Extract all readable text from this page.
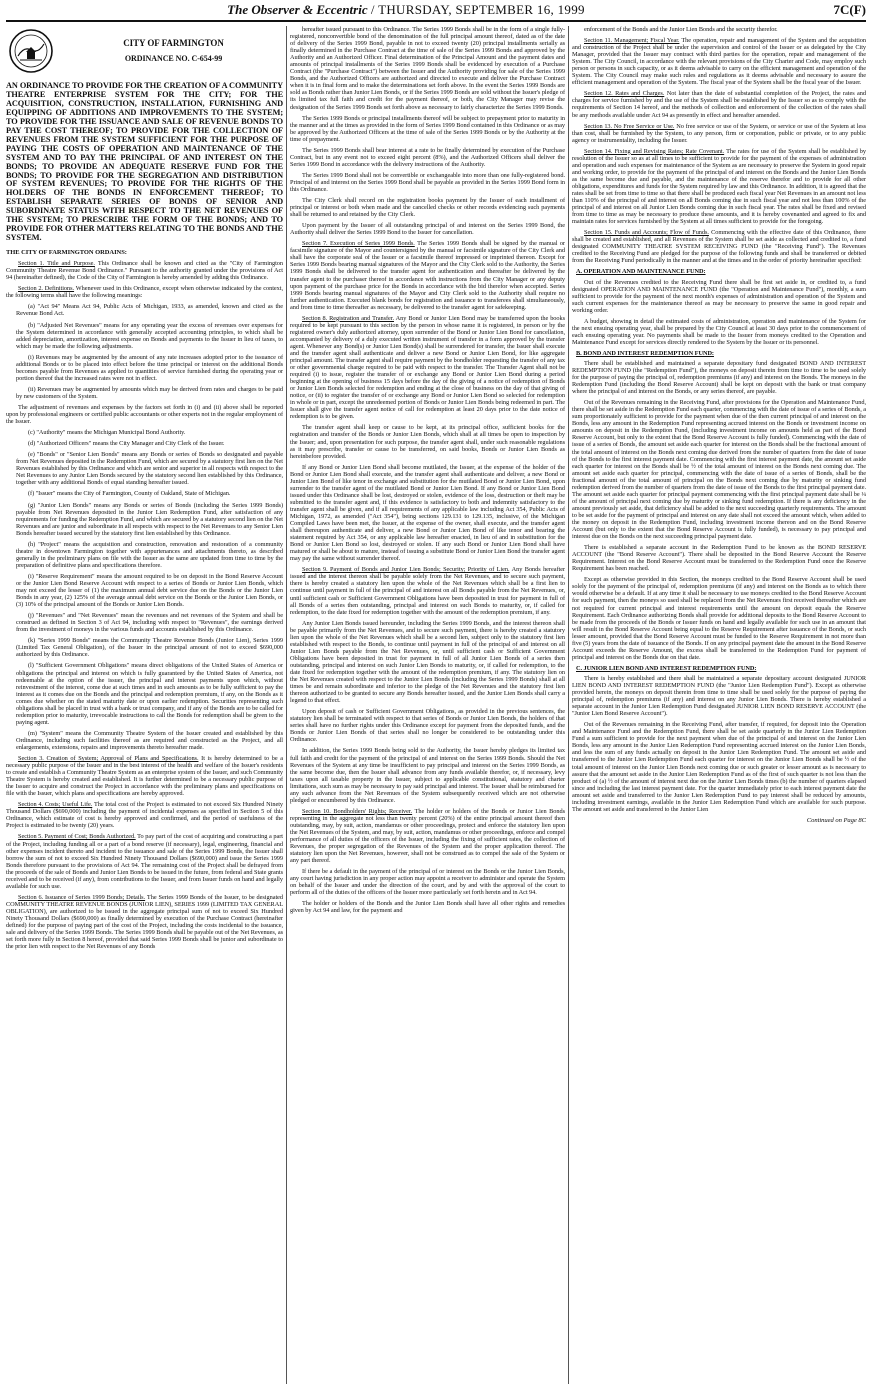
The Observer & Eccentric / THURSDAY, SEPTEMBER 16, 1999	7C(F)
CITY OF FARMINGTON
ORDINANCE NO. C-654-99
AN ORDINANCE TO PROVIDE FOR THE CREATION OF A COMMUNITY THEATRE ENTERPRISE SYSTEM FOR THE CITY; FOR THE ACQUISITION, CONSTRUCTION, INSTALLATION, FURNISHING AND EQUIPPING OF ADDITIONS AND IMPROVEMENTS TO THE SYSTEM; TO PROVIDE FOR THE ISSUANCE AND SALE OF REVENUE BONDS TO PAY THE COST THEREOF; TO PROVIDE FOR THE COLLECTION OF REVENUES FROM THE SYSTEM SUFFICIENT FOR THE PURPOSE OF PAYING THE COSTS OF OPERATION AND MAINTENANCE OF THE SYSTEM AND TO PAY THE PRINCIPAL OF AND INTEREST ON THE BONDS; TO PROVIDE AN ADEQUATE RESERVE FUND FOR THE BONDS; TO PROVIDE FOR THE SEGREGATION AND DISTRIBUTION OF SYSTEM REVENUES; TO PROVIDE FOR THE RIGHTS OF THE HOLDERS OF THE BONDS IN ENFORCEMENT THEREOF; TO ESTABLISH SEPARATE SERIES OF BONDS OF SENIOR AND SUBORDINATE STATUS WITH RESPECT TO THE NET REVENUES OF THE SYSTEM; TO PRESCRIBE THE FORM OF THE BONDS; AND TO PROVIDE FOR OTHER MATTERS RELATING TO THE BONDS AND THE SYSTEM.
THE CITY OF FARMINGTON ORDAINS:

Section 1. Title and Purpose. This Ordinance shall be known and cited as the "City of Farmington Community Theatre Revenue Bond Ordinance." Pursuant to the authority granted under the provisions of Act 94 (hereinafter defined), the Code of the City of Farmington is hereby amended by adding this Ordinance.

Section 2. Definitions. Whenever used in this Ordinance, except when otherwise indicated by the context, the following terms shall have the following meanings:

(a) "Act 94" Means Act 94, Public Acts of Michigan, 1933, as amended, known and cited as the Revenue Bond Act.

(b) "Adjusted Net Revenues" means for any operating year the excess of revenues over expenses for the System determined in accordance with generally accepted accounting principles, to which shall be added depreciation, amortization, interest expense on Bonds and payments to the Issuer in lieu of taxes, to which may be made the following adjustments.

(i) Revenues may be augmented by the amount of any rate increases adopted prior to the issuance of additional Bonds or to be placed into effect before the time principal or interest on the additional Bonds becomes payable from Revenues as applied to quantities of service furnished during the operating year or portion thereof that the increased rates were not in effect.

(ii) Revenues may be augmented by amounts which may be derived from rates and charges to be paid by new customers of the System.

The adjustment of revenues and expenses by the factors set forth in (i) and (ii) above shall be reported upon by professional engineers or certified public accountants or other experts not in the regular employment of the Issuer.

(c) "Authority" means the Michigan Municipal Bond Authority.

(d) "Authorized Officers" means the City Manager and City Clerk of the Issuer.

(e) "Bonds" or "Senior Lien Bonds" means any Bonds or series of Bonds so designated and payable from Net Revenues deposited in the Redemption Fund, which are secured by a statutory first lien on the Net Revenues established by this Ordinance and which are senior and superior in all respects with respect to the Net Revenues to any Junior Lien Bonds secured by the statutory second lien established by this Ordinance, together with any additional Bonds of equal standing hereafter issued.

(f) "Issuer" means the City of Farmington, County of Oakland, State of Michigan.

(g) "Junior Lien Bonds" means any Bonds or series of Bonds (including the Series 1999 Bonds) payable from Net Revenues deposited in the Junior Lien Redemption Fund, after satisfaction of any requirements for funding the Redemption Fund, and which are secured by a statutory second lien on the Net Revenues and are junior and subordinate in all respects with respect to the Net Revenues to any Senior Lien Bonds hereafter issued secured by the statutory first lien established by this Ordinance.

(h) "Project" means the acquisition and construction, renovation and restoration of a community theatre in downtown Farmington together with appurtenances and attachments thereto, as described generally in the preliminary plans on file with the Issuer as the same are updated from time to time by the preparation of definitive plans and specifications therefore.

(i) "Reserve Requirement" means the amount required to be on deposit in the Bond Reserve Account or the Junior Lien Bond Reserve Account with respect to a series of Bonds or Junior Lien Bonds, which may not exceed the lesser of (1) the maximum annual debt service due on the Bonds or the Junior Lien Bonds in any year, (2) 125% of the average annual debt service on the Bonds or the Junior Lien Bonds, or (3) 10% of the principal amount of the Bonds or Junior Lien Bonds.

(j) "Revenues" and "Net Revenues" mean the revenues and net revenues of the System and shall be construed as defined in Section 3 of Act 94, including with respect to "Revenues", the earnings derived from the investment of moneys in the various funds and accounts established by this Ordinance.

(k) "Series 1999 Bonds" means the Community Theatre Revenue Bonds (Junior Lien), Series 1999 (Limited Tax General Obligation), of the Issuer in the principal amount of not to exceed $690,000 authorized by this Ordinance.

(l) "Sufficient Government Obligations" means direct obligations of the United States of America or obligations the principal and interest on which is fully guaranteed by the United States of America, not redeemable at the option of the issuer, the principal and interest payments upon which, without reinvestment of the interest, come due at such times and in such amounts as to be fully sufficient to pay the interest as it comes due on the Bonds and the principal and redemption premium, if any, on the Bonds as it comes due whether on the stated maturity date or upon earlier redemption. Securities representing such obligations shall be placed in trust with a bank or trust company, and if any of the Bonds are to be called for redemption prior to maturity, irrevocable instructions to call the Bonds for redemption shall be given to the paying agent.

(m) "System" means the Community Theatre System of the Issuer created and established by this Ordinance, including such facilities thereof as are required and constructed as the Project, and all enlargements, extensions, repairs and improvements thereto hereafter made.

Section 3. Creation of System; Approval of Plans and Specifications. It is hereby determined to be a necessary public purpose of the Issuer and in the best interest of the health and welfare of the Issuer's residents to create and establish a Community Theatre System as an enterprise system of the Issuer, and such Community Theatre System is hereby created and established. It is further determined to be a necessary public purpose of the Issuer to acquire and construct the Project in accordance with the preliminary plans and specifications on file with the Issuer, which plans and specifications are hereby approved.

Section 4. Costs; Useful Life. The total cost of the Project is estimated to not exceed Six Hundred Ninety Thousand Dollars ($690,000) including the payment of incidental expenses as specified in Section 5 of this Ordinance, which estimate of cost is hereby approved and confirmed, and the period of usefulness of the Project is estimated to be twenty (20) years.

Section 5. Payment of Cost; Bonds Authorized. To pay part of the cost of acquiring and constructing a part of the Project, including funding all or a part of a bond reserve (if necessary), legal, engineering, financial and other expenses incident thereto and incident to the issuance and sale of the Series 1999 Bonds, the Issuer shall borrow the sum of not to exceed Six Hundred Ninety Thousand Dollars ($690,000) and issue the Series 1999 Bonds therefore pursuant to the provisions of Act 94. The remaining cost of the Project shall be defrayed from the proceeds of the sale of Bonds and Junior Lien Bonds to be issued in the future, from federal and State grants received and to be received (if any), from contributions to the Issuer, and from Issuer funds on hand and legally available for such use.

Section 6. Issuance of Series 1999 Bonds; Details. The Series 1999 Bonds of the Issuer, to be designated COMMUNITY THEATRE REVENUE BONDS (JUNIOR LIEN), SERIES 1999 (LIMITED TAX GENERAL OBLIGATION), are authorized to be issued in the aggregate principal sum of not to exceed Six Hundred Ninety Thousand Dollars ($690,000) as finally determined by execution of the Purchase Contract (hereinafter defined) for the purpose of paying part of the cost of the Project, including the costs incidental to the issuance, sale and delivery of the Series 1999 Bonds. The Series 1999 Bonds shall be payable out of the Net Revenues, as set forth more fully in Section 8 hereof, provided that said Series 1999 Bonds shall be junior and subordinate to the prior lien with respect to the Net Revenues of any Bonds

hereafter issued pursuant to this Ordinance. The Series 1999 Bonds shall be in the form of a single fully-registered, nonconvertible bond of the denomination of the full principal amount thereof, dated as of the date of delivery of the Series 1999 Bond, payable in not to exceed twenty (20) principal installments serially as finally determined in the Purchase Contract at the time of sale of the Series 1999 Bonds and approved by the Authority and an Authorized Officer. Final determination of the Principal Amount and the payment dates and amounts of principal installments of the Series 1999 Bonds shall be evidenced by execution of a Purchase Contract (the "Purchase Contract") between the Issuer and the Authority providing for sale of the Series 1999 Bonds, and the Authorized Officers are authorized and directed to execute and deliver the Purchase Contract when it is in final form and to make the determinations set forth above. In the event the Series 1999 Bonds are sold as Bonds rather than Junior Lien Bonds, or if the Series 1999 Bonds are sold without the Issuer's pledge of its limited tax full faith and credit for the payment thereof, or both, the City Manager may revise the designation of the Series 1999 Bonds set forth above as necessary to fairly characterize the Series 1999 Bonds.

The Series 1999 Bonds or principal installments thereof will be subject to prepayment prior to maturity in the manner and at the times as provided in the form of Series 1999 Bond contained in this Ordinance or as may be approved by the Authorized Officers at the time of sale of the Series 1999 Bonds or by the Authority at the time of prepayment.

The Series 1999 Bonds shall bear interest at a rate to be finally determined by execution of the Purchase Contract, but in any event not to exceed eight percent (8%), and the Authorized Officers shall deliver the Series 1999 Bond in accordance with the delivery instructions of the Authority.

The Series 1999 Bond shall not be convertible or exchangeable into more than one fully-registered bond. Principal of and interest on the Series 1999 Bond shall be payable as provided in the Series 1999 Bond form in this Ordinance.

The City Clerk shall record on the registration books payment by the Issuer of each installment of principal or interest or both when made and the cancelled checks or other records evidencing such payments shall be returned to and retained by the City Clerk.

Upon payment by the Issuer of all outstanding principal of and interest on the Series 1999 Bond, the Authority shall deliver the Series 1999 Bond to the Issuer for cancellation.

Section 7. Execution of Series 1999 Bonds. The Series 1999 Bonds shall be signed by the manual or facsimile signature of the Mayor and countersigned by the manual or facsimile signature of the City Clerk and shall have the corporate seal of the Issuer or a facsimile thereof impressed or imprinted thereon. Except for Series 1999 Bonds bearing manual signatures of the Mayor and the City Clerk sold to the Authority, the Series 1999 Bonds shall be delivered to the transfer agent for authentication and thereafter be delivered by the transfer agent to the purchaser thereof in accordance with instructions from the City Manager or any deputy upon payment of the purchase price for the Bonds in accordance with the bid therefor when accepted. Series 1999 Bonds bearing manual signatures of the Mayor and City Clerk sold to the Authority shall require no further authentication. Executed blank bonds for registration and issuance to transferees shall simultaneously, and from time to time thereafter as necessary, be delivered to the transfer agent for safekeeping.

Section 8. Registration and Transfer. Any Bond or Junior Lien Bond may be transferred upon the books required to be kept pursuant to this section by the person in whose name it is registered, in person or by the registered owner's duly authorized attorney, upon surrender of the Bond or Junior Lien Bond for cancellation, accompanied by delivery of a duly executed written instrument of transfer in a form approved by the transfer agent. Whenever any Bond(s) or Junior Lien Bond(s) shall be surrendered for transfer, the Issuer shall execute and the transfer agent shall authenticate and deliver a new Bond or Junior Lien Bond, for like aggregate principal amount. The transfer agent shall require payment by the bondholder requesting the transfer of any tax or other governmental charge required to be paid with respect to the transfer. The Transfer Agent shall not be required (i) to issue, register the transfer of or exchange any Bond or Junior Lien Bond during a period beginning at the opening of business 15 days before the day of the giving of a notice of redemption of Bonds or Junior Lien Bonds selected for redemption and ending at the close of business on the day of that giving of notice, or (ii) to register the transfer of or exchange any Bond or Junior Lien Bond so selected for redemption in whole or in part, except the unredeemed portion of Bonds or Junior Lien Bonds being redeemed in part. The Issuer shall give the transfer agent notice of call for redemption at least 20 days prior to the date notice of redemption is to be given.

The transfer agent shall keep or cause to be kept, at its principal office, sufficient books for the registration and transfer of the Bonds or Junior Lien Bonds, which shall at all times be open to inspection by the Issuer; and, upon presentation for such purpose, the transfer agent shall, under such reasonable regulations as it may prescribe, transfer or cause to be transferred, on said books, Bonds or Junior Lien Bonds as hereinbefore provided.

If any Bond or Junior Lien Bond shall become mutilated, the Issuer, at the expense of the holder of the Bond or Junior Lien Bond shall execute, and the transfer agent shall authenticate and deliver, a new Bond or Junior Lien Bond of like tenor in exchange and substitution for the mutilated Bond or Junior Lien Bond, upon surrender to the transfer agent of the mutilated Bond or Junior Lien Bond. If any Bond or Junior Lien Bond issued under this Ordinance shall be lost, destroyed or stolen, evidence of the loss, destruction or theft may be submitted to the transfer agent and, if this evidence is satisfactory to both and indemnity satisfactory to the transfer agent shall be given, and if all requirements of any applicable law including Act 354, Public Acts of Michigan, 1972, as amended ("Act 354"), being sections 129.131 to 129.135, inclusive, of the Michigan Compiled Laws have been met, the Issuer, at the expense of the owner, shall execute, and the transfer agent shall thereupon authenticate and deliver, a new Bond or Junior Lien Bond of like tenor and bearing the statement required by Act 354, or any applicable law hereafter enacted, in lieu of and in substitution for the Bond or Junior Lien Bond so lost, destroyed or stolen. If any such Bond or Junior Lien Bond shall have matured or shall be about to mature, instead of issuing a substitute Bond or Junior Lien Bond the transfer agent may pay the same without surrender thereof.

Section 9. Payment of Bonds and Junior Lien Bonds; Security; Priority of Lien. Any Bonds hereafter issued and the interest thereon shall be payable solely from the Net Revenues, and to secure such payment, there is hereby created a statutory lien upon the whole of the Net Revenues which shall be a first lien to continue until payment in full of the principal of and interest on all Bonds payable from the Net Revenues, or, until sufficient cash or Sufficient Government Obligations have been deposited in trust for payment in full of all Bonds of a series then outstanding, principal and interest on such Bonds to maturity, or, if called for redemption, to the date fixed for redemption together with the amount of the redemption premium, if any.

Any Junior Lien Bonds issued hereunder, including the Series 1999 Bonds, and the interest thereon shall be payable primarily from the Net Revenues, and to secure such payment, there is hereby created a statutory lien upon the whole of the Net Revenues which shall be a second lien, subject only to the statutory first lien established with respect to the Bonds, to continue until payment in full of the principal of and interest on all Junior Lien Bonds payable from the Net Revenues, or, until sufficient cash or Sufficient Government Obligations have been deposited in trust for payment in full of all Junior Lien Bonds of a series then outstanding, principal and interest on such Junior Lien Bonds to maturity, or, if called for redemption, to the date fixed for redemption together with the amount of the redemption premium, if any. The statutory lien on the Net Revenues created with respect to the Junior Lien Bonds (including the Series 1999 Bonds) shall at all times be and remain subordinate and inferior to the pledge of the Net Revenues and the statutory first lien thereon authorized to be granted to secure any Bonds hereafter issued, and the Junior Lien Bonds shall carry a legend to that effect.

Upon deposit of cash or Sufficient Government Obligations, as provided in the previous sentences, the statutory lien shall be terminated with respect to that series of Bonds or Junior Lien Bonds, the holders of that series shall have no further rights under this Ordinance except for payment from the deposited funds, and the Bonds or Junior Lien Bonds of that series shall no longer be considered to be outstanding under this Ordinance.

In addition, the Series 1999 Bonds being sold to the Authority, the Issuer hereby pledges its limited tax full faith and credit for the payment of the principal of and interest on the Series 1999 Bonds. Should the Net Revenues of the System at any time be insufficient to pay principal and interest on the Series 1999 Bonds, as the same become due, then the Issuer shall advance from any funds available therefor, or, if necessary, levy taxes upon all taxable property in the Issuer, subject to applicable constitutional, statutory and charter limitations, such sum as may be necessary to pay said principal and interest. The Issuer shall be reimbursed for any such advance from the Net Revenues of the System subsequently received which are not otherwise pledged or encumbered by this Ordinance.

Section 10. Bondholders' Rights; Receiver. The holder or holders of the Bonds or Junior Lien Bonds representing in the aggregate not less than twenty percent (20%) of the entire principal amount thereof then outstanding, may, by suit, action, mandamus or other proceedings, protect and enforce the statutory lien upon the Net Revenues of the System, and may, by suit, action, mandamus or other proceedings, enforce and compel performance of all duties of the officers of the Issuer, including the fixing of sufficient rates, the collection of Revenues, the proper segregation of the Revenues of the System and the proper application thereof. The statutory lien upon the Net Revenues, however, shall not be construed as to compel the sale of the System or any part thereof.

If there be a default in the payment of the principal of or interest on the Bonds or the Junior Lien Bonds, any court having jurisdiction in any proper action may appoint a receiver to administer and operate the System on behalf of the Issuer and under the direction of the court, and by and with the approval of the court to perform all of the duties of the officers of the Issuer more particularly set forth herein and in Act 94.

The holder or holders of the Bonds and the Junior Lien Bonds shall have all other rights and remedies given by Act 94 and law, for the payment and

enforcement of the Bonds and the Junior Lien Bonds and the security therefor.

Section 11. Management; Fiscal Year. The operation, repair and management of the System and the acquisition and construction of the Project shall be under the supervision and control of the Issuer or as delegated by the City Manager, provided that the Issuer may contract with third parties for the operation, repair and management of the System. The City Council, in accordance with the relevant provisions of the City Charter and Code, may employ such person or persons in such capacity, or as it deems advisable to carry on the efficient management and operation of the System. The City Council may make such rules and regulations as it deems advisable and necessary to assure the efficient management and operation of the System. The fiscal year of the System shall be the fiscal year of the Issuer.

Section 12. Rates and Charges. Not later than the date of substantial completion of the Project, the rates and charges for service furnished by and the use of the System shall be established by the Issuer so as to comply with the requirements of Section 14 hereof, and the methods of collection and enforcement of the collection of the rates shall be any methods available under Act 94 as presently in effect and hereafter amended.

Section 13. No Free Service or Use. No free service or use of the System, or service or use of the System at less than cost, shall be furnished by the System, to any person, firm or corporation, public or private, or to any public agency or instrumentality, including the Issuer.

Section 14. Fixing and Revising Rates; Rate Covenant. The rates for use of the System shall be established by resolution of the Issuer so as at all times to be sufficient to provide for the payment of the expenses of administration and operation and such expenses for maintenance of the System as are necessary to preserve the System in good repair and working order, to provide for the payment of the principal of and interest on the Bonds and the Junior Lien Bonds as the same become due and payable, and the maintenance of the reserve therefor and to provide for all other obligations, expenditures and funds for the System required by law and this Ordinance. In addition, it is agreed that the rates shall be set from time to time so that there shall be produced each fiscal year Net Revenues in an amount not less than 110% of the principal of and interest on all Bonds coming due in such fiscal year and not less than 100% of the principal of and interest on all Junior Lien Bonds coming due in such fiscal year. The rates shall be fixed and revised from time to time as may be necessary to produce these amounts, and it is hereby covenanted and agreed to fix and maintain rates for services furnished by the System at all times sufficient to provide for the foregoing.

Section 15. Funds and Accounts; Flow of Funds. Commencing with the effective date of this Ordinance, there shall be created and established, and all Revenues of the System shall be set aside as collected and credited to, a fund designated COMMUNITY THEATRE SYSTEM RECEIVING FUND (the "Receiving Fund"). The Revenues credited to the Receiving Fund are pledged for the purpose of the following funds and shall be transferred or debited from the Receiving Fund periodically in the manner and at the times and in the order of priority hereinafter specified:

A. OPERATION AND MAINTENANCE FUND:

Out of the Revenues credited to the Receiving Fund there shall be first set aside in, or credited to, a fund designated OPERATION AND MAINTENANCE FUND (the "Operation and Maintenance Fund"), monthly, a sum sufficient to provide for the payment of the next month's expenses of administration and operation of the System and such current expenses for the maintenance thereof as may be necessary to preserve the same in good repair and working order.

A budget, showing in detail the estimated costs of administration, operation and maintenance of the System for the next ensuing operating year, shall be prepared by the City Council at least 30 days prior to the commencement of each ensuing operating year. No payments shall be made to the Issuer from moneys credited to the Operation and Maintenance Fund except for services directly rendered to the System by the Issuer or its personnel.

B. BOND AND INTEREST REDEMPTION FUND:

There shall be established and maintained a separate depositary fund designated BOND AND INTEREST REDEMPTION FUND (the "Redemption Fund"), the moneys on deposit therein from time to time to be used solely for the purpose of paying the principal of, redemption premiums (if any) and interest on the Bonds. The moneys in the Redemption Fund (including the Bond Reserve Account) shall be kept on deposit with the bank or trust company where the principal of and interest on the Bonds, or any series thereof, are payable.

Out of the Revenues remaining in the Receiving Fund, after provisions for the Operation and Maintenance Fund, there shall be set aside in the Redemption Fund each quarter, commencing with the date of issue of a series of Bonds, a sum proportionately sufficient to provide for the payment when due of the then current principal of and interest on the Bonds, less any amount in the Redemption Fund representing accrued interest on the Bonds or investment income on amounts on deposit in the Redemption Fund, (including investment income on amounts held as part of the Bond Reserve Account, but only to the extent that the Bond Reserve Account is fully funded). Commencing with the date of issue of a series of Bonds, the amount set aside each quarter for interest on the Bonds shall be the fractional amount of the total amount of interest on the Bonds next coming due derived from the number of quarters from the date of issue of the Bonds to the first interest payment date. Commencing with the first interest payment date, the amount set aside each quarter for interest on the Bonds shall be ½ of the total amount of interest on the Bonds next coming due. The amount set aside each quarter for principal, commencing with the date of issue of a series of Bonds, shall be the fractional amount of the total amount of principal on the Bonds next coming due by maturity or sinking fund redemption derived from the number of quarters from the date of issue of the Bonds to the first principal payment date. The amount set aside each quarter for principal payment commencing with the first principal payment date shall be ¼ of the amount of principal next coming due by maturity or sinking fund redemption. If there is any deficiency in the amount previously set aside, that deficiency shall be added to the next succeeding quarterly requirements. The amount to be set aside for the payment of principal and interest on any date shall not exceed the amount which, when added to the money on deposit in the Redemption Fund, including investment income thereon and on the Bond Reserve Account (but only to the extent that the Bond Reserve Account is fully funded), is necessary to pay principal and interest due on the Bonds on the next succeeding principal payment date.

There is established a separate account in the Redemption Fund to be known as the BOND RESERVE ACCOUNT (the "Bond Reserve Account"). There shall be deposited in the Bond Reserve Account the Reserve Requirement. Interest on the Bond Reserve Account must be transferred to the Redemption Fund once the Reserve Requirement has been reached.

Except as otherwise provided in this Section, the moneys credited to the Bond Reserve Account shall be used solely for the payment of the principal of, redemption premiums (if any) and interest on the Bonds as to which there would otherwise be a default. If at any time it shall be necessary to use moneys credited to the Bond Reserve Account for such payment, then the moneys so used shall be replaced from the Net Revenues first received thereafter which are not required for current principal and interest requirements until the amount on deposit equals the Reserve Requirement. Each Ordinance authorizing Bonds shall provide for additional deposits to the Bond Reserve Account to be made from the proceeds of the Bonds or Issuer funds on hand and legally available for such use in an amount that will result in the Bond Reserve Account being equal to the Reserve Requirement after issuance of the Bonds, or such lesser amount, provided that the Bond Reserve Account must be funded to the Reserve Requirement in not more than five (5) years from the date of issuance of the Bonds. If on any principal payment date the amount in the Bond Reserve Account exceeds the Reserve Amount, the excess shall be transferred to the Redemption Fund for payment of principal and interest on the Bonds due on that date.

C. JUNIOR LIEN BOND AND INTEREST REDEMPTION FUND:

There is hereby established and there shall be maintained a separate depositary account designated JUNIOR LIEN BOND AND INTEREST REDEMPTION FUND (the "Junior Lien Redemption Fund"). Except as otherwise provided herein, the moneys on deposit therein from time to time shall be used solely for the purpose of paying the principal of, redemption premiums (if any) and interest on any Junior Lien Bonds. There is hereby established a separate account in the Junior Lien Redemption Fund designated JUNIOR LIEN BOND RESERVE ACCOUNT (the "Junior Lien Bond Reserve Account").

Out of the Revenues remaining in the Receiving Fund, after transfer, if required, for deposit into the Operation and Maintenance Fund and the Redemption Fund, there shall be set aside quarterly in the Junior Lien Redemption Fund a sum sufficient to provide for the next payment when due of the principal of and interest on the Junior Lien Bonds, less any amount in the Junior Lien Redemption Fund representing accrued interest on the Junior Lien Bonds, and less the sum of any funds actually on deposit in the Junior Lien Redemption Fund. The amount set aside and transferred to the Junior Lien Redemption Fund each quarter for interest on the Junior Lien Bonds shall be ½ of the total amount of interest on the Junior Lien Bonds next coming due or such greater or lesser amount as is necessary to assure that the amount set aside in the Junior Lien Redemption Fund as of the first of such quarter is not less than the product of (a) ½ of the amount of interest next due on the Junior Lien Bonds times (b) the number of quarters elapsed since and including the last interest payment date. For the quarter immediately prior to each interest payment date the amount set aside and transferred to the Junior Lien Redemption Fund to pay interest shall be reduced by amounts, including investment earnings, available in the Junior Lien Redemption Fund which are available for such purpose. The amount set aside and transferred to the Junior Lien

Continued on Page 8C
